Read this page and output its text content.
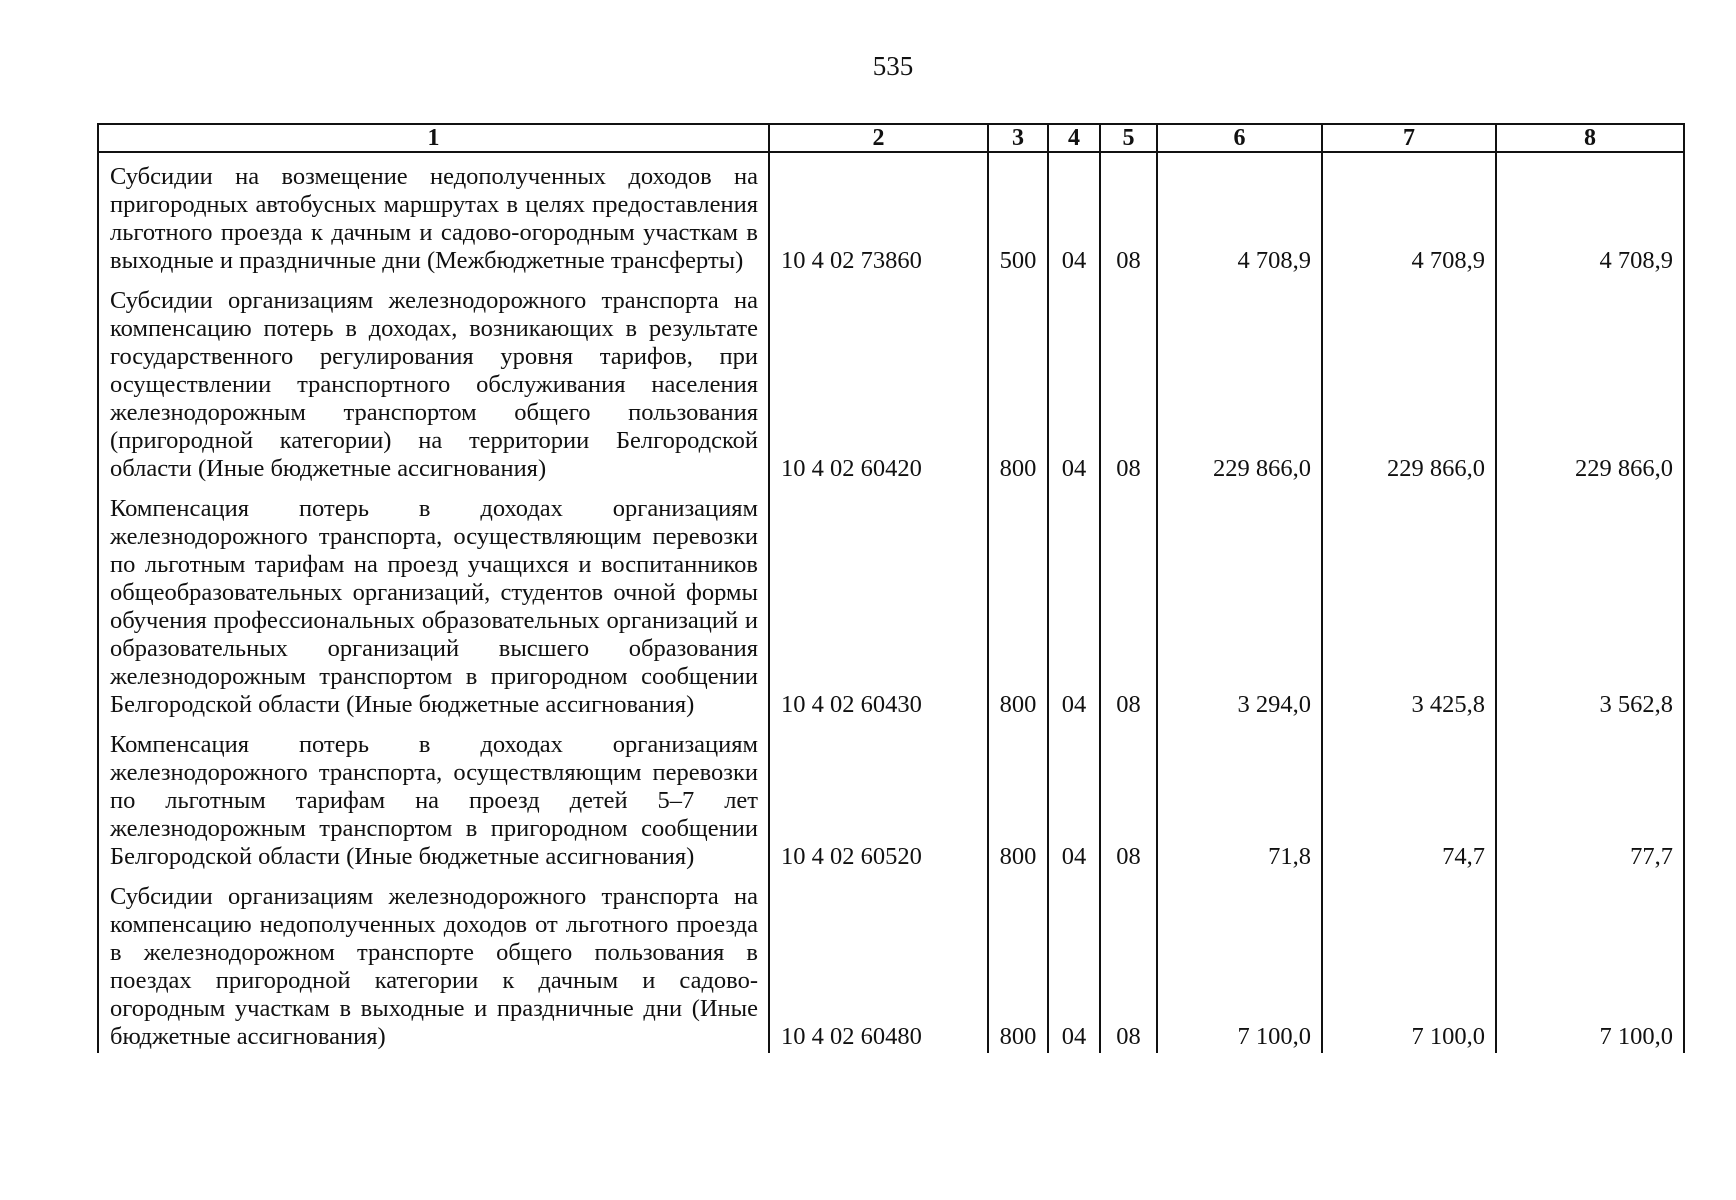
535
1	2	3	4	5	6	7	8
Субсидии на возмещение недополученных доходов на пригородных автобусных маршрутах в целях предоставления льготного проезда к дачным и садово-огородным участкам в выходные и праздничные дни (Межбюджетные трансферты)	10 4 02 73860	500	04	08	4 708,9	4 708,9	4 708,9
Субсидии организациям железнодорожного транспорта на компенсацию потерь в доходах, возникающих в результате государственного регулирования уровня тарифов, при осуществлении транспортного обслуживания населения железнодорожным транспортом общего пользования (пригородной категории) на территории Белгородской области (Иные бюджетные ассигнования)	10 4 02 60420	800	04	08	229 866,0	229 866,0	229 866,0
Компенсация потерь в доходах организациям железнодорожного транспорта, осуществляющим перевозки по льготным тарифам на проезд учащихся и воспитанников общеобразовательных организаций, студентов очной формы обучения профессиональных образовательных организаций и образовательных организаций высшего образования железнодорожным транспортом в пригородном сообщении Белгородской области (Иные бюджетные ассигнования)	10 4 02 60430	800	04	08	3 294,0	3 425,8	3 562,8
Компенсация потерь в доходах организациям железнодорожного транспорта, осуществляющим перевозки по льготным тарифам на проезд детей 5–7 лет железнодорожным транспортом в пригородном сообщении Белгородской области (Иные бюджетные ассигнования)	10 4 02 60520	800	04	08	71,8	74,7	77,7
Субсидии организациям железнодорожного транспорта на компенсацию недополученных доходов от льготного проезда в железнодорожном транспорте общего пользования в поездах пригородной категории к дачным и садово-огородным участкам в выходные и праздничные дни (Иные бюджетные ассигнования)	10 4 02 60480	800	04	08	7 100,0	7 100,0	7 100,0
